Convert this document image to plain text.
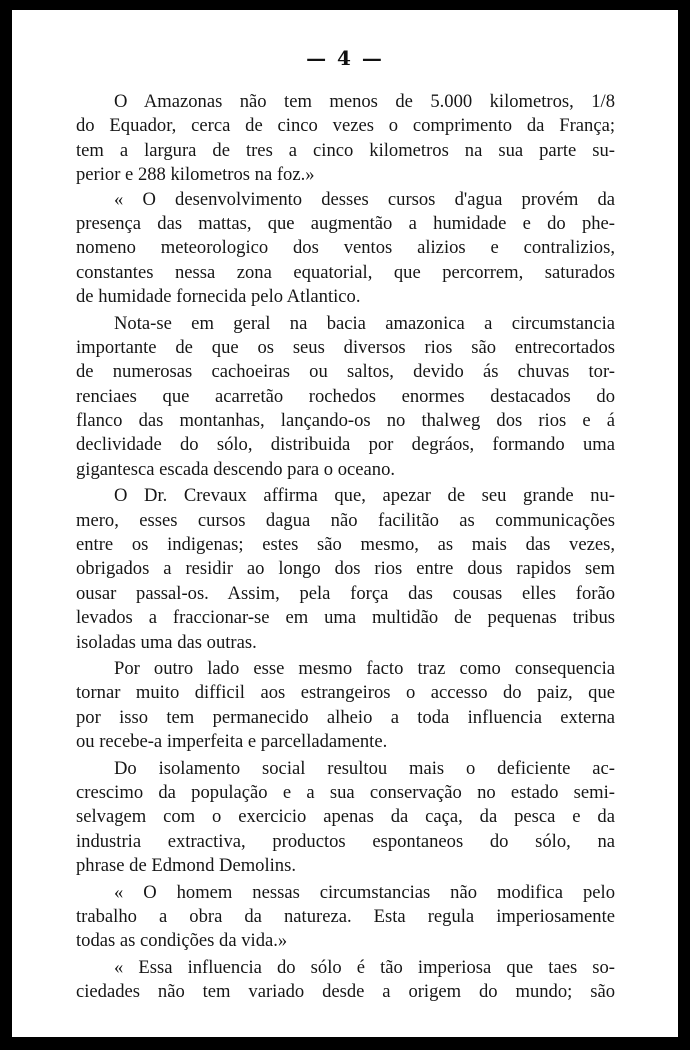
— 4 —
O Amazonas não tem menos de 5.000 kilometros, 1/8
do Equador, cerca de cinco vezes o comprimento da França;
tem a largura de tres a cinco kilometros na sua parte su-
perior e 288 kilometros na foz.»
« O desenvolvimento desses cursos d'agua provém da
presença das mattas, que augmentão a humidade e do phe-
nomeno meteorologico dos ventos alizios e contralizios,
constantes nessa zona equatorial, que percorrem, saturados
de humidade fornecida pelo Atlantico.
Nota-se em geral na bacia amazonica a circumstancia
importante de que os seus diversos rios são entrecortados
de numerosas cachoeiras ou saltos, devido ás chuvas tor-
renciaes que acarretão rochedos enormes destacados do
flanco das montanhas, lançando-os no thalweg dos rios e á
declividade do sólo, distribuida por degráos, formando uma
gigantesca escada descendo para o oceano.
O Dr. Crevaux affirma que, apezar de seu grande nu-
mero, esses cursos dagua não facilitão as communicações
entre os indigenas; estes são mesmo, as mais das vezes,
obrigados a residir ao longo dos rios entre dous rapidos sem
ousar passal-os. Assim, pela força das cousas elles forão
levados a fraccionar-se em uma multidão de pequenas tribus
isoladas uma das outras.
Por outro lado esse mesmo facto traz como consequencia
tornar muito difficil aos estrangeiros o accesso do paiz, que
por isso tem permanecido alheio a toda influencia externa
ou recebe-a imperfeita e parcelladamente.
Do isolamento social resultou mais o deficiente ac-
crescimo da população e a sua conservação no estado semi-
selvagem com o exercicio apenas da caça, da pesca e da
industria extractiva, productos espontaneos do sólo, na
phrase de Edmond Demolins.
« O homem nessas circumstancias não modifica pelo
trabalho a obra da natureza. Esta regula imperiosamente
todas as condições da vida.»
« Essa influencia do sólo é tão imperiosa que taes so-
ciedades não tem variado desde a origem do mundo; são
